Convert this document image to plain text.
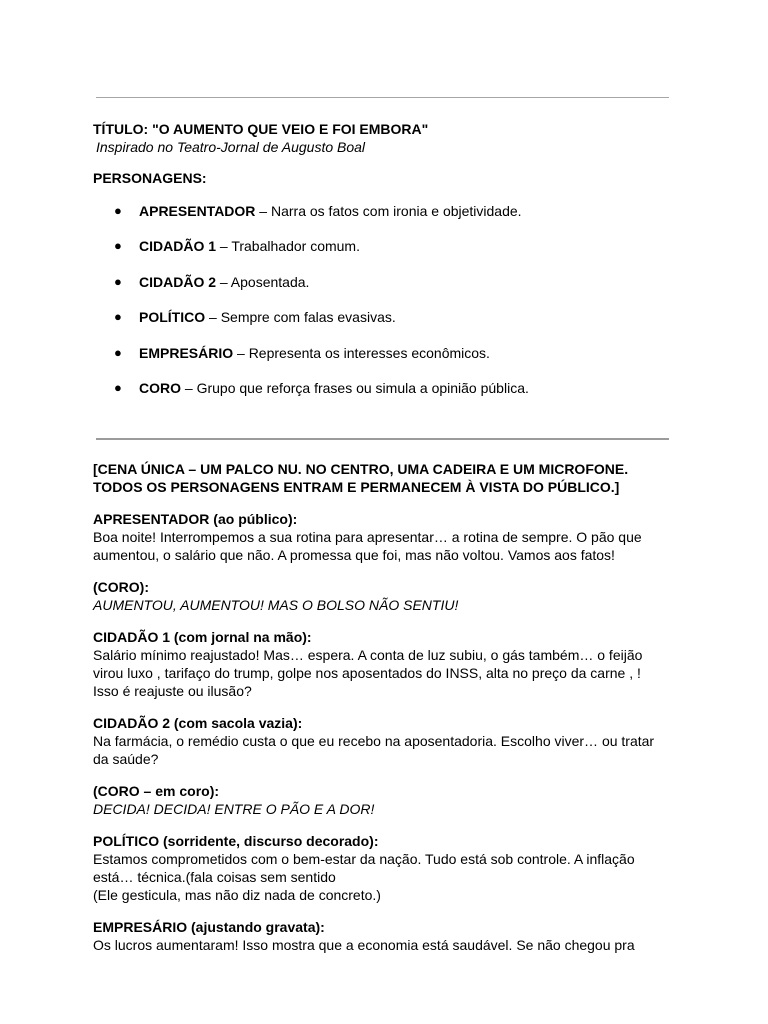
TÍTULO: "O AUMENTO QUE VEIO E FOI EMBORA"

Inspirado no Teatro-Jornal de Augusto Boal

PERSONAGENS:

● APRESENTADOR – Narra os fatos com ironia e objetividade.
● CIDADÃO 1 – Trabalhador comum.
● CIDADÃO 2 – Aposentada.
● POLÍTICO – Sempre com falas evasivas.
● EMPRESÁRIO – Representa os interesses econômicos.
● CORO – Grupo que reforça frases ou simula a opinião pública.

[CENA ÚNICA – UM PALCO NU. NO CENTRO, UMA CADEIRA E UM MICROFONE.
TODOS OS PERSONAGENS ENTRAM E PERMANECEM À VISTA DO PÚBLICO.]

APRESENTADOR (ao público):

Boa noite! Interrompemos a sua rotina para apresentar… a rotina de sempre. O pão que

aumentou, o salário que não. A promessa que foi, mas não voltou. Vamos aos fatos!

(CORO):

AUMENTOU, AUMENTOU! MAS O BOLSO NÃO SENTIU!

CIDADÃO 1 (com jornal na mão):

Salário mínimo reajustado! Mas… espera. A conta de luz subiu, o gás também… o feijão

virou luxo , tarifaço do trump, golpe nos aposentados do INSS, alta no preço da carne , !

Isso é reajuste ou ilusão?

CIDADÃO 2 (com sacola vazia):

Na farmácia, o remédio custa o que eu recebo na aposentadoria. Escolho viver… ou tratar

da saúde?

(CORO – em coro):

DECIDA! DECIDA! ENTRE O PÃO E A DOR!

POLÍTICO (sorridente, discurso decorado):

Estamos comprometidos com o bem-estar da nação. Tudo está sob controle. A inflação

está… técnica.(fala coisas sem sentido

(Ele gesticula, mas não diz nada de concreto.)

EMPRESÁRIO (ajustando gravata):

Os lucros aumentaram! Isso mostra que a economia está saudável. Se não chegou pra
